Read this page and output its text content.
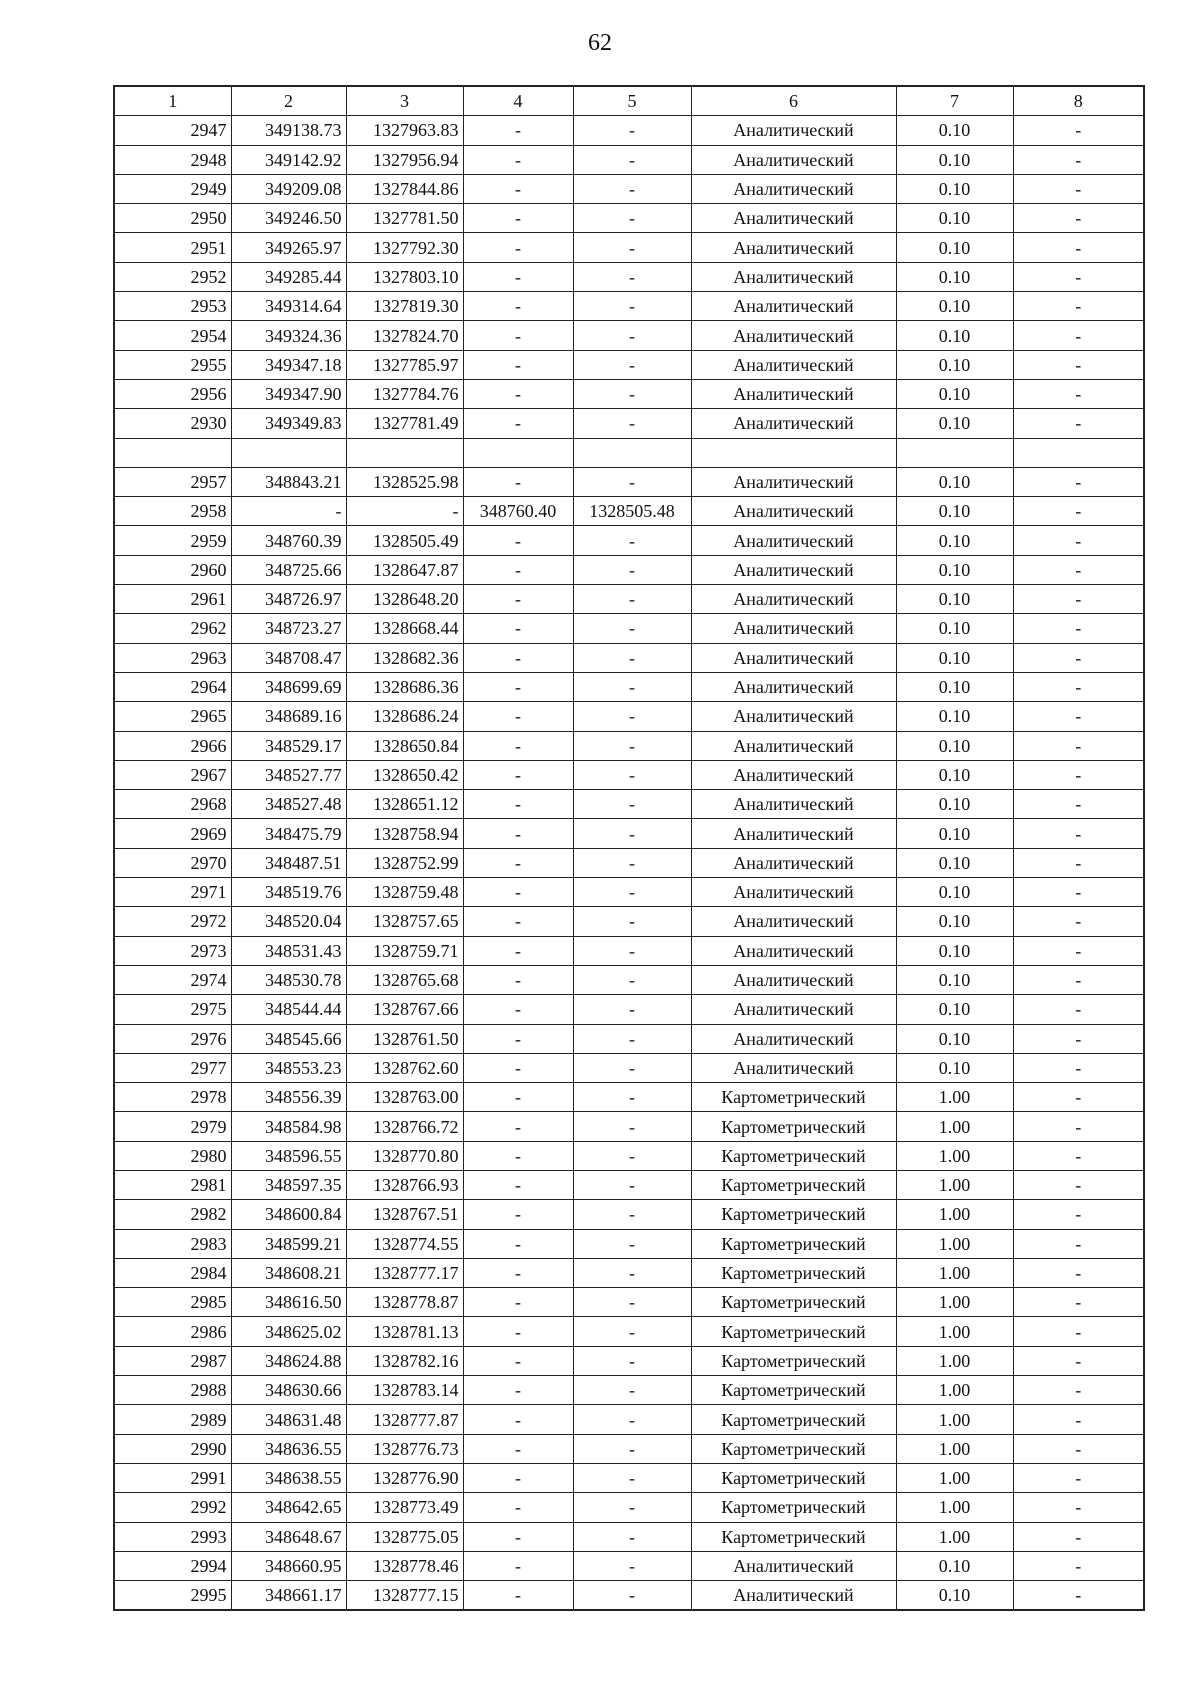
62
1	2	3	4	5	6	7	8
2947	349138.73	1327963.83	-	-	Аналитический	0.10	-
2948	349142.92	1327956.94	-	-	Аналитический	0.10	-
2949	349209.08	1327844.86	-	-	Аналитический	0.10	-
2950	349246.50	1327781.50	-	-	Аналитический	0.10	-
2951	349265.97	1327792.30	-	-	Аналитический	0.10	-
2952	349285.44	1327803.10	-	-	Аналитический	0.10	-
2953	349314.64	1327819.30	-	-	Аналитический	0.10	-
2954	349324.36	1327824.70	-	-	Аналитический	0.10	-
2955	349347.18	1327785.97	-	-	Аналитический	0.10	-
2956	349347.90	1327784.76	-	-	Аналитический	0.10	-
2930	349349.83	1327781.49	-	-	Аналитический	0.10	-

2957	348843.21	1328525.98	-	-	Аналитический	0.10	-
2958	-	-	348760.40	1328505.48	Аналитический	0.10	-
2959	348760.39	1328505.49	-	-	Аналитический	0.10	-
2960	348725.66	1328647.87	-	-	Аналитический	0.10	-
2961	348726.97	1328648.20	-	-	Аналитический	0.10	-
2962	348723.27	1328668.44	-	-	Аналитический	0.10	-
2963	348708.47	1328682.36	-	-	Аналитический	0.10	-
2964	348699.69	1328686.36	-	-	Аналитический	0.10	-
2965	348689.16	1328686.24	-	-	Аналитический	0.10	-
2966	348529.17	1328650.84	-	-	Аналитический	0.10	-
2967	348527.77	1328650.42	-	-	Аналитический	0.10	-
2968	348527.48	1328651.12	-	-	Аналитический	0.10	-
2969	348475.79	1328758.94	-	-	Аналитический	0.10	-
2970	348487.51	1328752.99	-	-	Аналитический	0.10	-
2971	348519.76	1328759.48	-	-	Аналитический	0.10	-
2972	348520.04	1328757.65	-	-	Аналитический	0.10	-
2973	348531.43	1328759.71	-	-	Аналитический	0.10	-
2974	348530.78	1328765.68	-	-	Аналитический	0.10	-
2975	348544.44	1328767.66	-	-	Аналитический	0.10	-
2976	348545.66	1328761.50	-	-	Аналитический	0.10	-
2977	348553.23	1328762.60	-	-	Аналитический	0.10	-
2978	348556.39	1328763.00	-	-	Картометрический	1.00	-
2979	348584.98	1328766.72	-	-	Картометрический	1.00	-
2980	348596.55	1328770.80	-	-	Картометрический	1.00	-
2981	348597.35	1328766.93	-	-	Картометрический	1.00	-
2982	348600.84	1328767.51	-	-	Картометрический	1.00	-
2983	348599.21	1328774.55	-	-	Картометрический	1.00	-
2984	348608.21	1328777.17	-	-	Картометрический	1.00	-
2985	348616.50	1328778.87	-	-	Картометрический	1.00	-
2986	348625.02	1328781.13	-	-	Картометрический	1.00	-
2987	348624.88	1328782.16	-	-	Картометрический	1.00	-
2988	348630.66	1328783.14	-	-	Картометрический	1.00	-
2989	348631.48	1328777.87	-	-	Картометрический	1.00	-
2990	348636.55	1328776.73	-	-	Картометрический	1.00	-
2991	348638.55	1328776.90	-	-	Картометрический	1.00	-
2992	348642.65	1328773.49	-	-	Картометрический	1.00	-
2993	348648.67	1328775.05	-	-	Картометрический	1.00	-
2994	348660.95	1328778.46	-	-	Аналитический	0.10	-
2995	348661.17	1328777.15	-	-	Аналитический	0.10	-
